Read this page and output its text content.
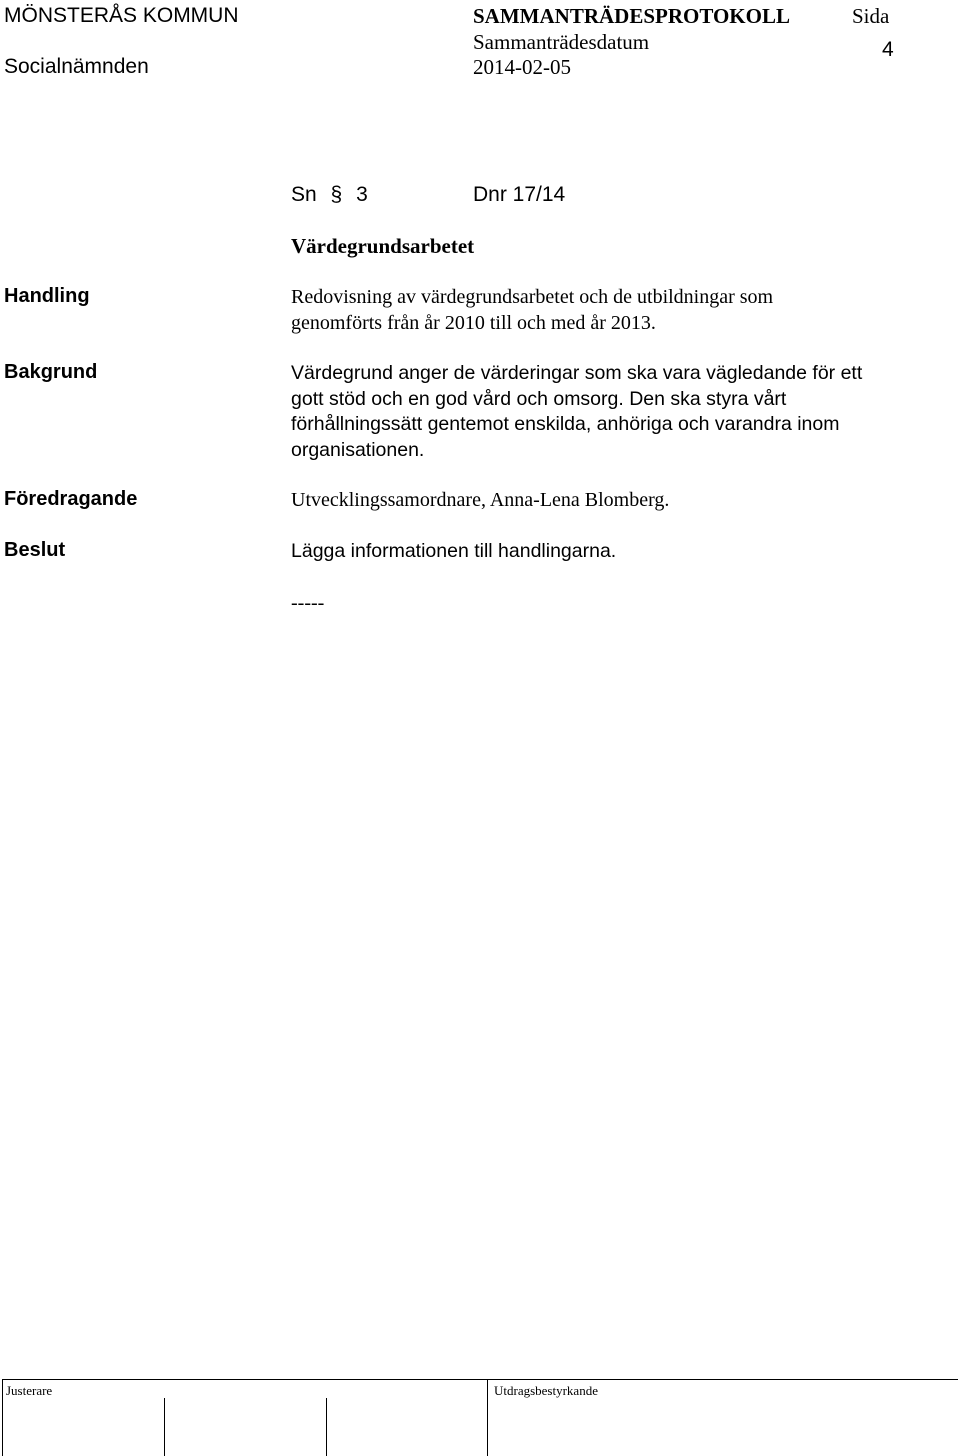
MÖNSTERÅS KOMMUN
Socialnämnden
SAMMANTRÄDESPROTOKOLL
Sammanträdesdatum
2014-02-05
Sida
4
Sn § 3	Dnr 17/14
Värdegrundsarbetet
Handling	Redovisning av värdegrundsarbetet och de utbildningar som
genomförts från år 2010 till och med år 2013.
Bakgrund	Värdegrund anger de värderingar som ska vara vägledande för ett
gott stöd och en god vård och omsorg. Den ska styra vårt
förhållningssätt gentemot enskilda, anhöriga och varandra inom
organisationen.
Föredragande	Utvecklingssamordnare, Anna-Lena Blomberg.
Beslut	Lägga informationen till handlingarna.
-----
Justerare	Utdragsbestyrkande
